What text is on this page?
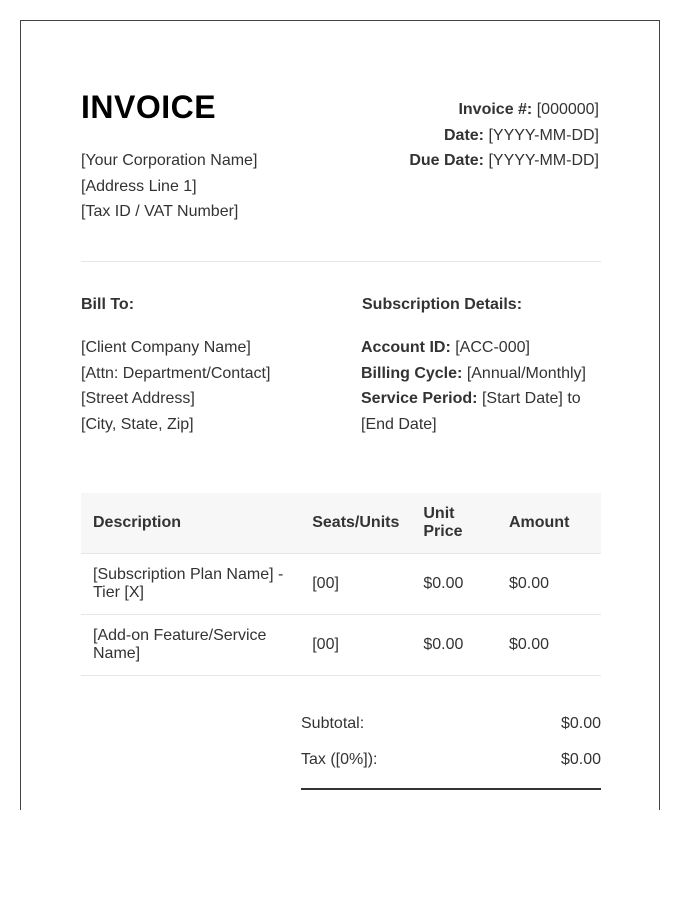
INVOICE
[Your Corporation Name]
[Address Line 1]
[Tax ID / VAT Number]
Invoice #: [000000]
Date: [YYYY-MM-DD]
Due Date: [YYYY-MM-DD]
Bill To:	Subscription Details:
[Client Company Name]
[Attn: Department/Contact]
[Street Address]
[City, State, Zip]
Account ID: [ACC-000]
Billing Cycle: [Annual/Monthly]
Service Period: [Start Date] to [End Date]
Description	Seats/Units	Unit Price	Amount
[Subscription Plan Name] - Tier [X]	[00]	$0.00	$0.00
[Add-on Feature/Service Name]	[00]	$0.00	$0.00
Subtotal:	$0.00
Tax ([0%]):	$0.00
